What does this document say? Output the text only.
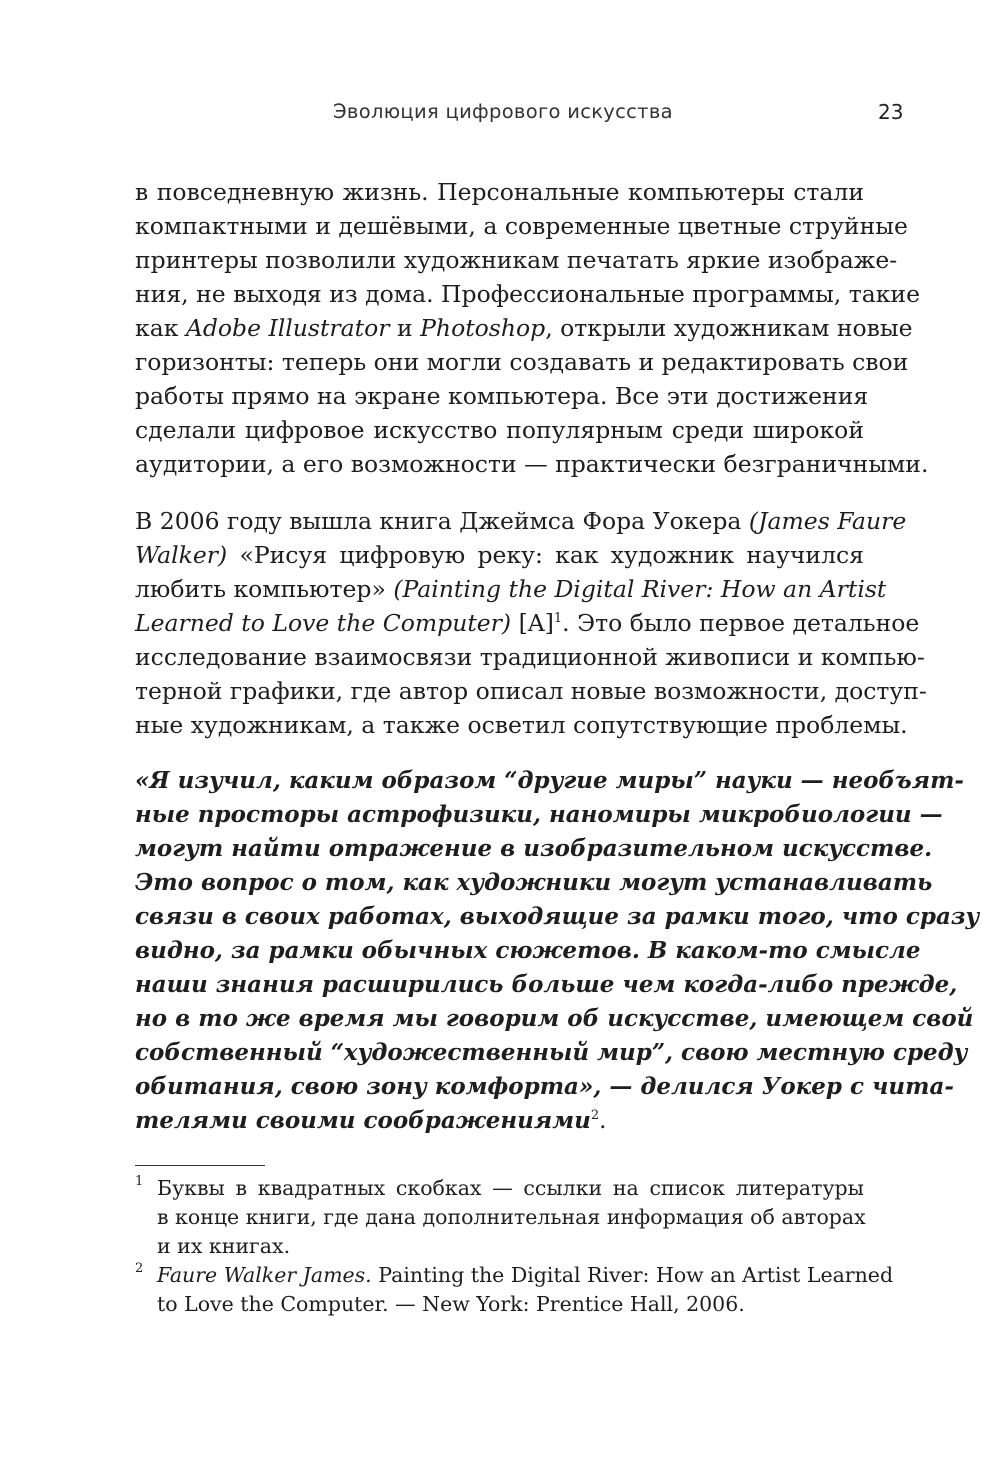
Эволюция цифрового искусства	23
в повседневную жизнь. Персональные компьютеры стали
компактными и дешёвыми, а современные цветные струйные
принтеры позволили художникам печатать яркие изображе-
ния, не выходя из дома. Профессиональные программы, такие
как Adobe Illustrator и Photoshop, открыли художникам новые
горизонты: теперь они могли создавать и редактировать свои
работы прямо на экране компьютера. Все эти достижения
сделали цифровое искусство популярным среди широкой
аудитории, а его возможности — практически безграничными.
В 2006 году вышла книга Джеймса Фора Уокера (James Faure
Walker) «Рисуя цифровую реку: как художник научился
любить компьютер» (Painting the Digital River: How an Artist
Learned to Love the Computer) $[A]^1$. Это было первое детальное
исследование взаимосвязи традиционной живописи и компью-
терной графики, где автор описал новые возможности, доступ-
ные художникам, а также осветил сопутствующие проблемы.
«Я изучил, каким образом “другие миры” науки — необъят-
ные просторы астрофизики, наномиры микробиологии —
могут найти отражение в изобразительном искусстве.
Это вопрос о том, как художники могут устанавливать
связи в своих работах, выходящие за рамки того, что сразу
видно, за рамки обычных сюжетов. В каком-то смысле
наши знания расширились больше чем когда-либо прежде,
но в то же время мы говорим об искусстве, имеющем свой
собственный “художественный мир”, свою местную среду
обитания, свою зону комфорта», — делился Уокер с чита-
телями своими соображениями$^2$.
1 Буквы в квадратных скобках — ссылки на список литературы
в конце книги, где дана дополнительная информация об авторах
и их книгах.
2 Faure Walker James. Painting the Digital River: How an Artist Learned
to Love the Computer. — New York: Prentice Hall, 2006.
